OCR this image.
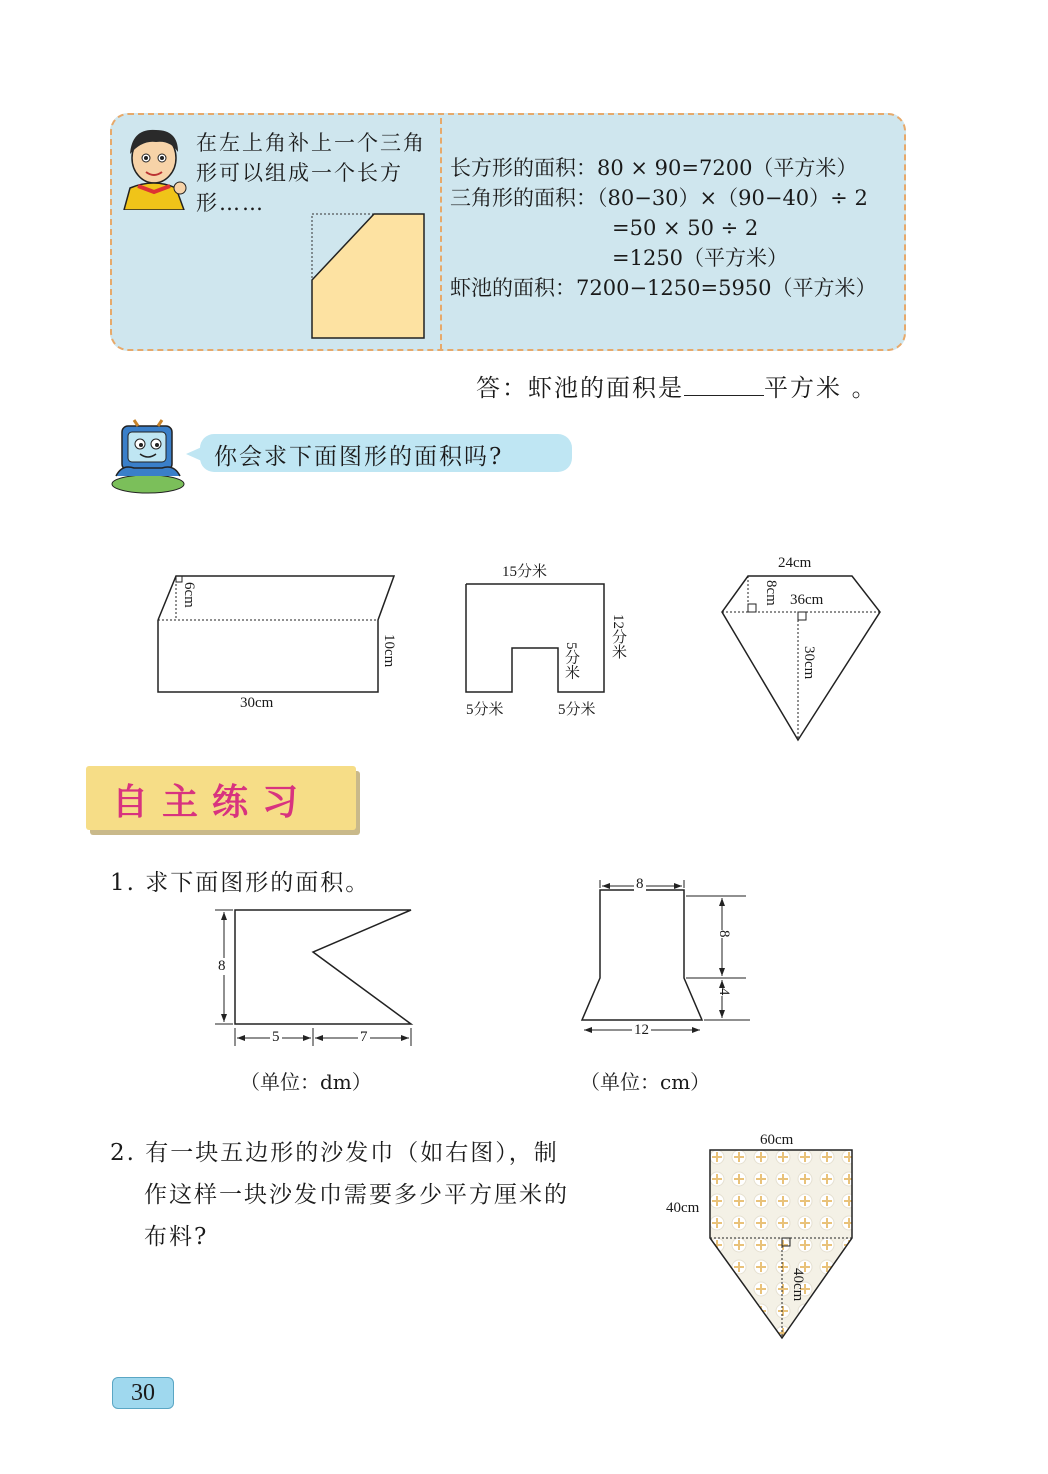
在左上角补上一个三角形可以组成一个长方形……
长方形的面积：80 × 90=7200（平方米）
三角形的面积：（80−30）×（90−40）÷ 2
=50 × 50 ÷ 2
=1250（平方米）
虾池的面积：7200−1250=5950（平方米）
答：虾池的面积是	平方米 。
你会求下面图形的面积吗?
6cm
10cm
30cm
15分米
12分米
5分米
5分米	5分米
24cm
8cm 36cm
30cm
自主练习
1. 求下面图形的面积。
8
5	7
（单位：dm）
8
8
4
12
（单位：cm）
2. 有一块五边形的沙发巾（如右图），制
作这样一块沙发巾需要多少平方厘米的
布料?
60cm
40cm
40cm
30
